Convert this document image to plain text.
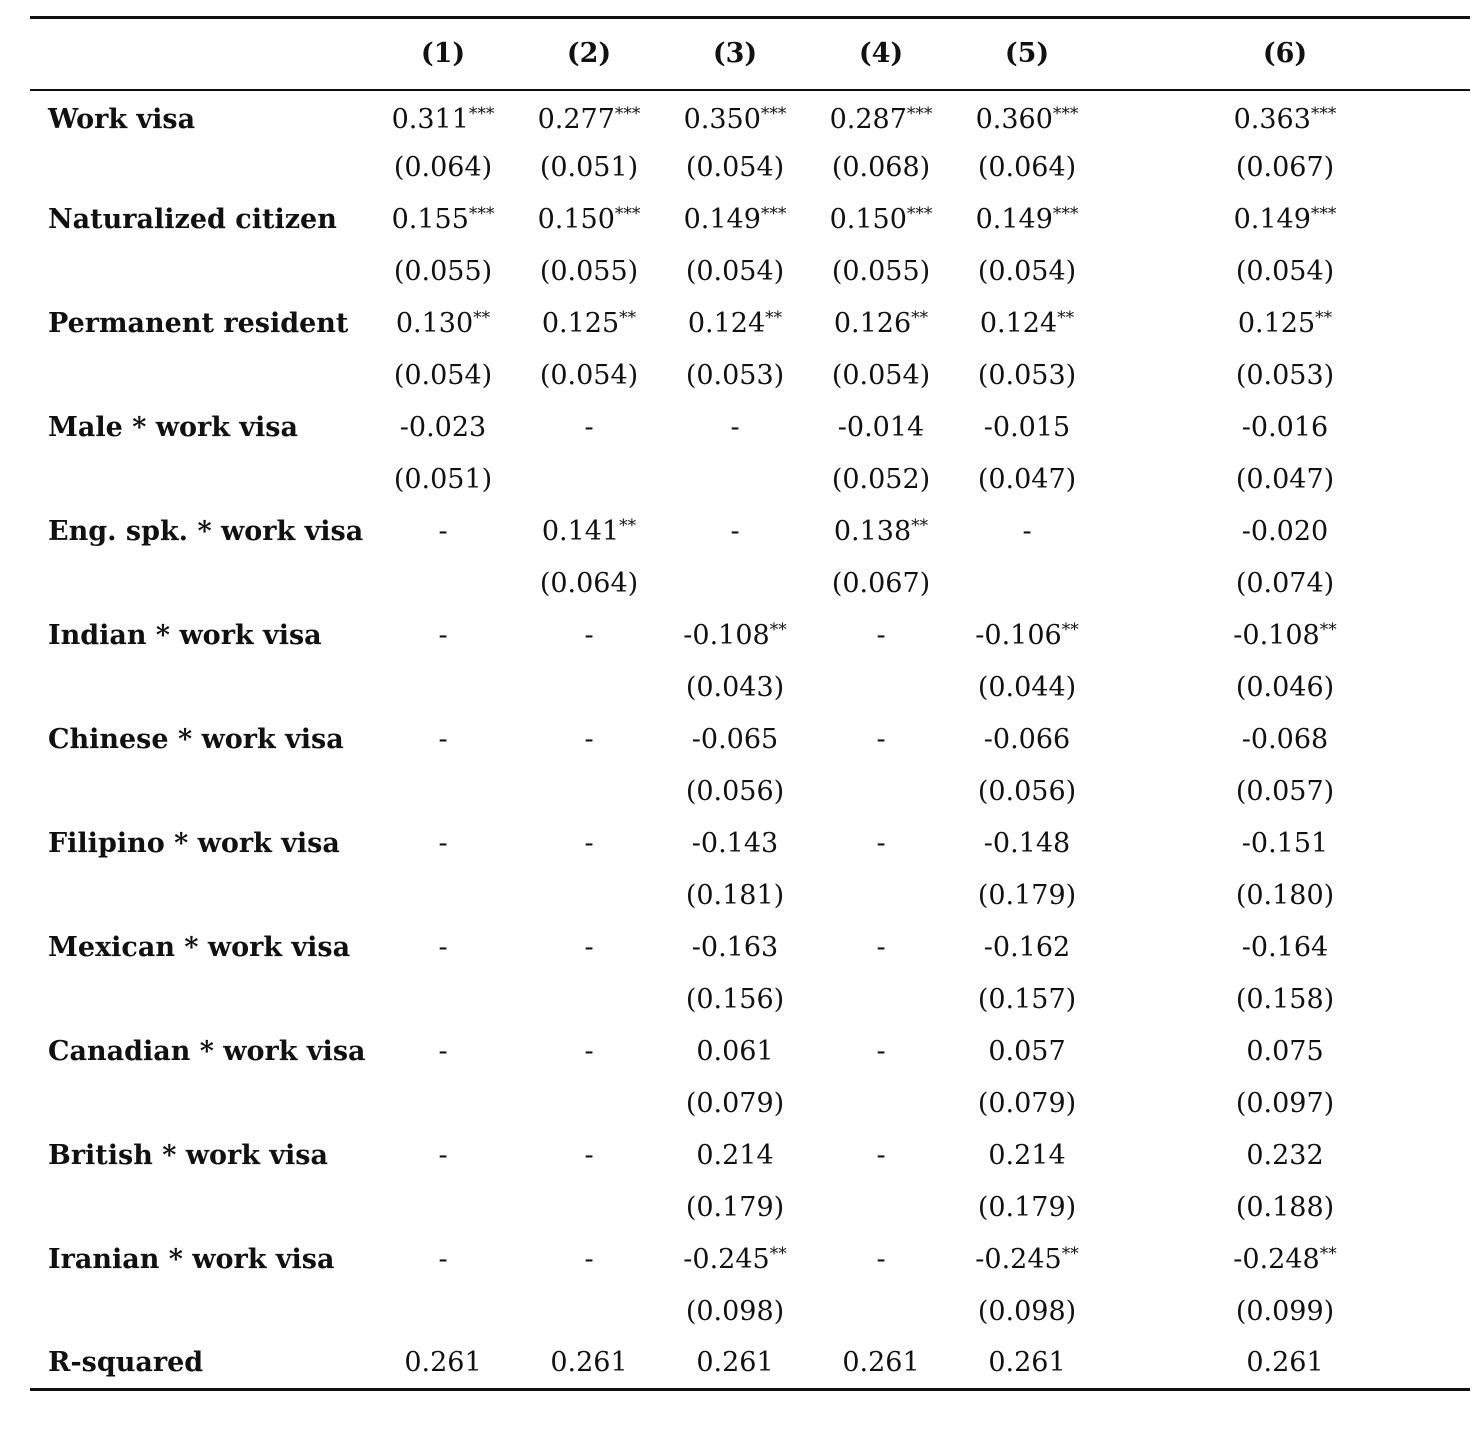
	(1)	(2)	(3)	(4)	(5)	(6)
Work visa	0.311***	0.277***	0.350***	0.287***	0.360***	0.363***
	(0.064)	(0.051)	(0.054)	(0.068)	(0.064)	(0.067)
Naturalized citizen	0.155***	0.150***	0.149***	0.150***	0.149***	0.149***
	(0.055)	(0.055)	(0.054)	(0.055)	(0.054)	(0.054)
Permanent resident	0.130**	0.125**	0.124**	0.126**	0.124**	0.125**
	(0.054)	(0.054)	(0.053)	(0.054)	(0.053)	(0.053)
Male * work visa	-0.023	-	-	-0.014	-0.015	-0.016
	(0.051)			(0.052)	(0.047)	(0.047)
Eng. spk. * work visa	-	0.141**	-	0.138**	-	-0.020
		(0.064)		(0.067)		(0.074)
Indian * work visa	-	-	-0.108**	-	-0.106**	-0.108**
			(0.043)		(0.044)	(0.046)
Chinese * work visa	-	-	-0.065	-	-0.066	-0.068
			(0.056)		(0.056)	(0.057)
Filipino * work visa	-	-	-0.143	-	-0.148	-0.151
			(0.181)		(0.179)	(0.180)
Mexican * work visa	-	-	-0.163	-	-0.162	-0.164
			(0.156)		(0.157)	(0.158)
Canadian * work visa	-	-	0.061	-	0.057	0.075
			(0.079)		(0.079)	(0.097)
British * work visa	-	-	0.214	-	0.214	0.232
			(0.179)		(0.179)	(0.188)
Iranian * work visa	-	-	-0.245**	-	-0.245**	-0.248**
			(0.098)		(0.098)	(0.099)
R-squared	0.261	0.261	0.261	0.261	0.261	0.261
